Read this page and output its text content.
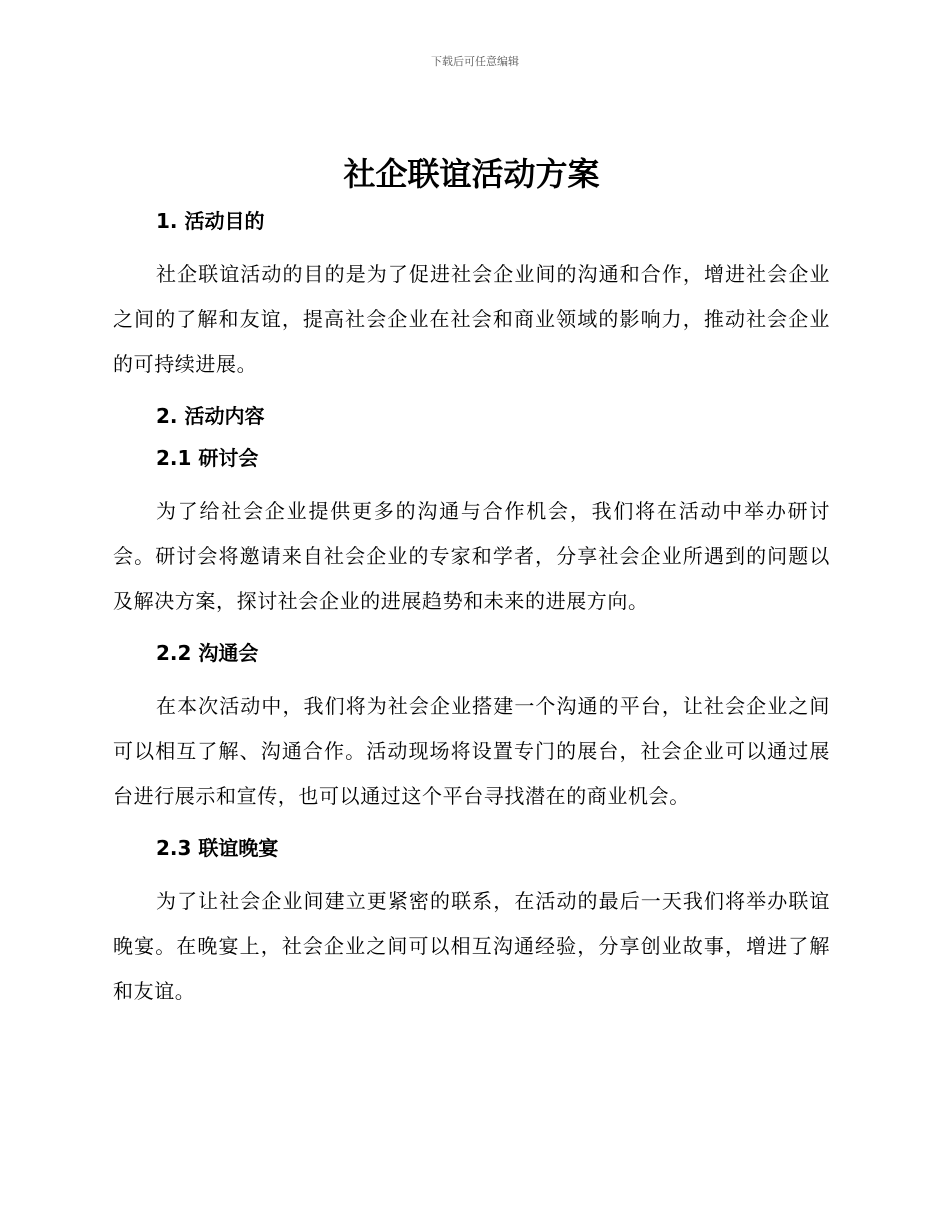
下载后可任意编辑
社企联谊活动方案
1. 活动目的

社企联谊活动的目的是为了促进社会企业间的沟通和合作，增进社会企业之间的了解和友谊，提高社会企业在社会和商业领域的影响力，推动社会企业的可持续进展。

2. 活动内容
2.1 研讨会

为了给社会企业提供更多的沟通与合作机会，我们将在活动中举办研讨会。研讨会将邀请来自社会企业的专家和学者，分享社会企业所遇到的问题以及解决方案，探讨社会企业的进展趋势和未来的进展方向。

2.2 沟通会

在本次活动中，我们将为社会企业搭建一个沟通的平台，让社会企业之间可以相互了解、沟通合作。活动现场将设置专门的展台，社会企业可以通过展台进行展示和宣传，也可以通过这个平台寻找潜在的商业机会。

2.3 联谊晚宴

为了让社会企业间建立更紧密的联系，在活动的最后一天我们将举办联谊晚宴。在晚宴上，社会企业之间可以相互沟通经验，分享创业故事，增进了解和友谊。
